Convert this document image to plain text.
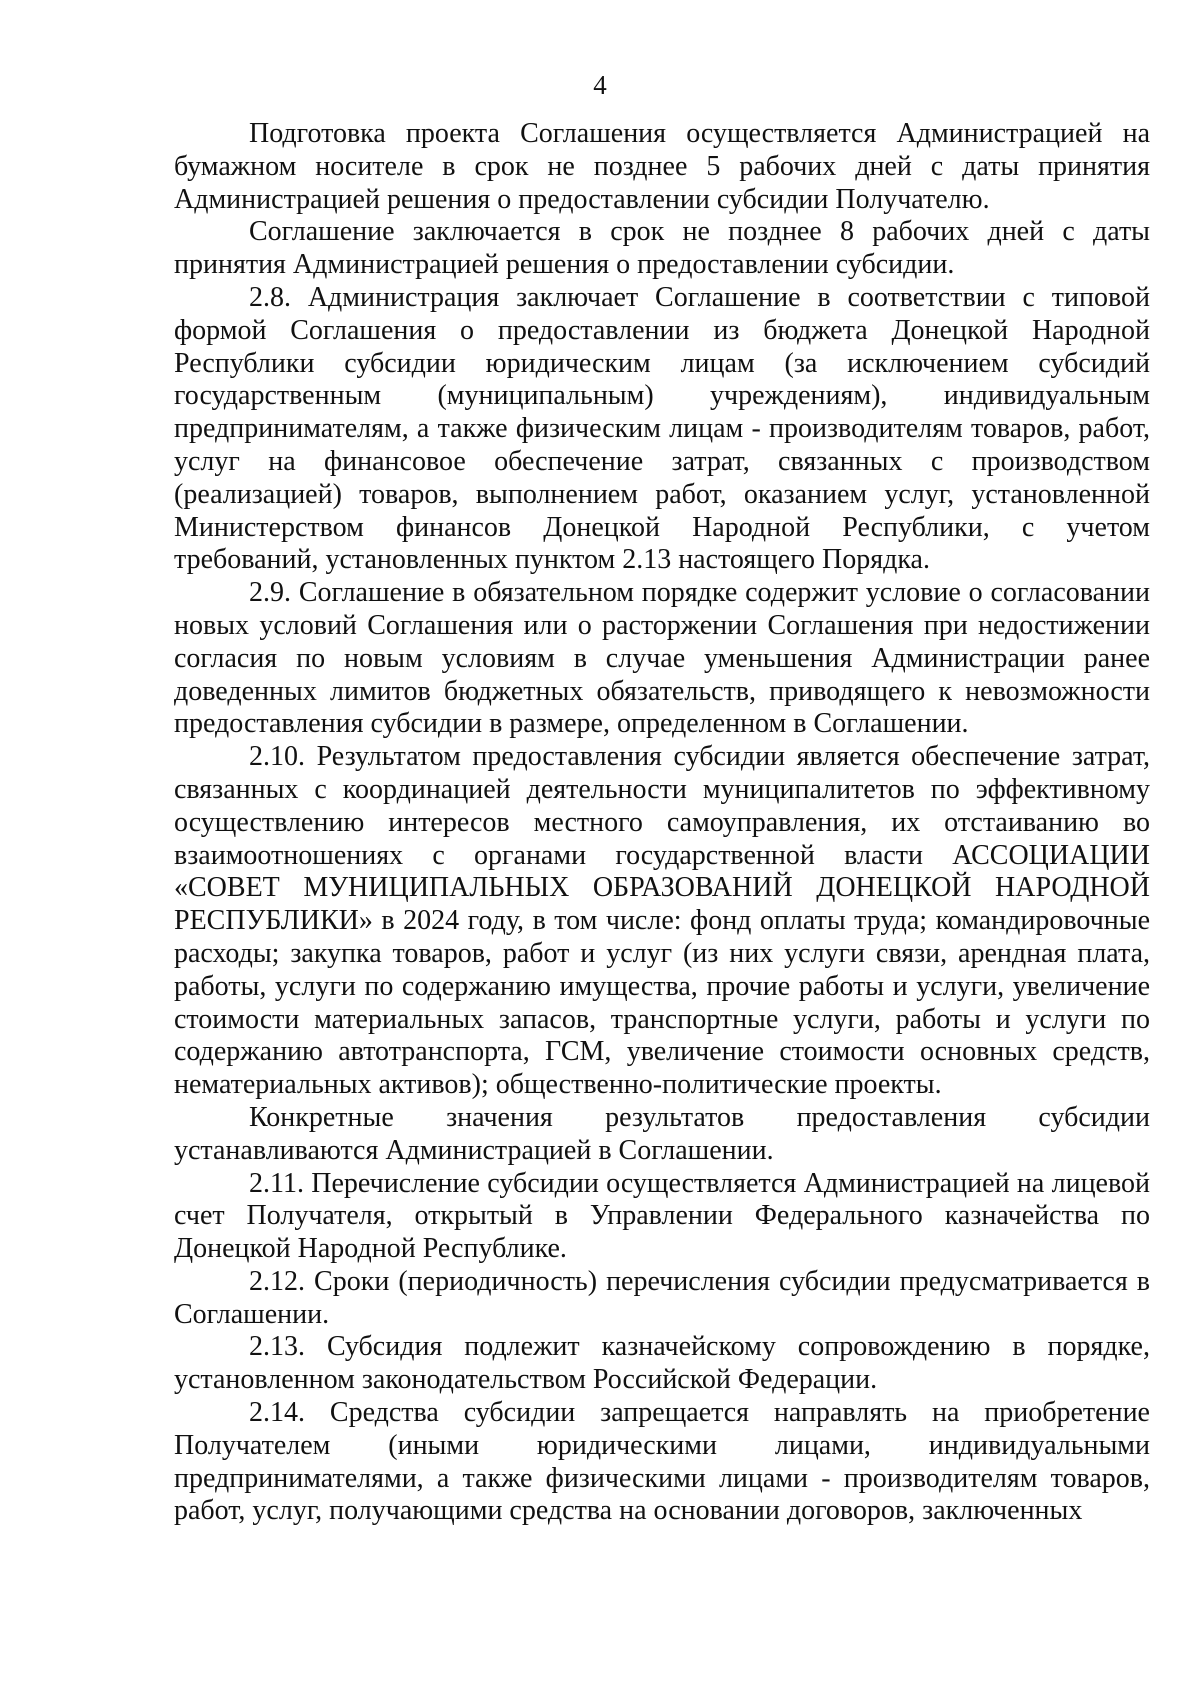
4

Подготовка проекта Соглашения осуществляется Администрацией на бумажном носителе в срок не позднее 5 рабочих дней с даты принятия Администрацией решения о предоставлении субсидии Получателю.

Соглашение заключается в срок не позднее 8 рабочих дней с даты принятия Администрацией решения о предоставлении субсидии.

2.8. Администрация заключает Соглашение в соответствии с типовой формой Соглашения о предоставлении из бюджета Донецкой Народной Республики субсидии юридическим лицам (за исключением субсидий государственным (муниципальным) учреждениям), индивидуальным предпринимателям, а также физическим лицам - производителям товаров, работ, услуг на финансовое обеспечение затрат, связанных с производством (реализацией) товаров, выполнением работ, оказанием услуг, установленной Министерством финансов Донецкой Народной Республики, с учетом требований, установленных пунктом 2.13 настоящего Порядка.

2.9. Соглашение в обязательном порядке содержит условие о согласовании новых условий Соглашения или о расторжении Соглашения при недостижении согласия по новым условиям в случае уменьшения Администрации ранее доведенных лимитов бюджетных обязательств, приводящего к невозможности предоставления субсидии в размере, определенном в Соглашении.

2.10. Результатом предоставления субсидии является обеспечение затрат, связанных с координацией деятельности муниципалитетов по эффективному осуществлению интересов местного самоуправления, их отстаиванию во взаимоотношениях с органами государственной власти АССОЦИАЦИИ «СОВЕТ МУНИЦИПАЛЬНЫХ ОБРАЗОВАНИЙ ДОНЕЦКОЙ НАРОДНОЙ РЕСПУБЛИКИ» в 2024 году, в том числе: фонд оплаты труда; командировочные расходы; закупка товаров, работ и услуг (из них услуги связи, арендная плата, работы, услуги по содержанию имущества, прочие работы и услуги, увеличение стоимости материальных запасов, транспортные услуги, работы и услуги по содержанию автотранспорта, ГСМ, увеличение стоимости основных средств, нематериальных активов); общественно-политические проекты.

Конкретные значения результатов предоставления субсидии устанавливаются Администрацией в Соглашении.

2.11. Перечисление субсидии осуществляется Администрацией на лицевой счет Получателя, открытый в Управлении Федерального казначейства по Донецкой Народной Республике.

2.12. Сроки (периодичность) перечисления субсидии предусматривается в Соглашении.

2.13. Субсидия подлежит казначейскому сопровождению в порядке, установленном законодательством Российской Федерации.

2.14. Средства субсидии запрещается направлять на приобретение Получателем (иными юридическими лицами, индивидуальными предпринимателями, а также физическими лицами - производителям товаров, работ, услуг, получающими средства на основании договоров, заключенных
